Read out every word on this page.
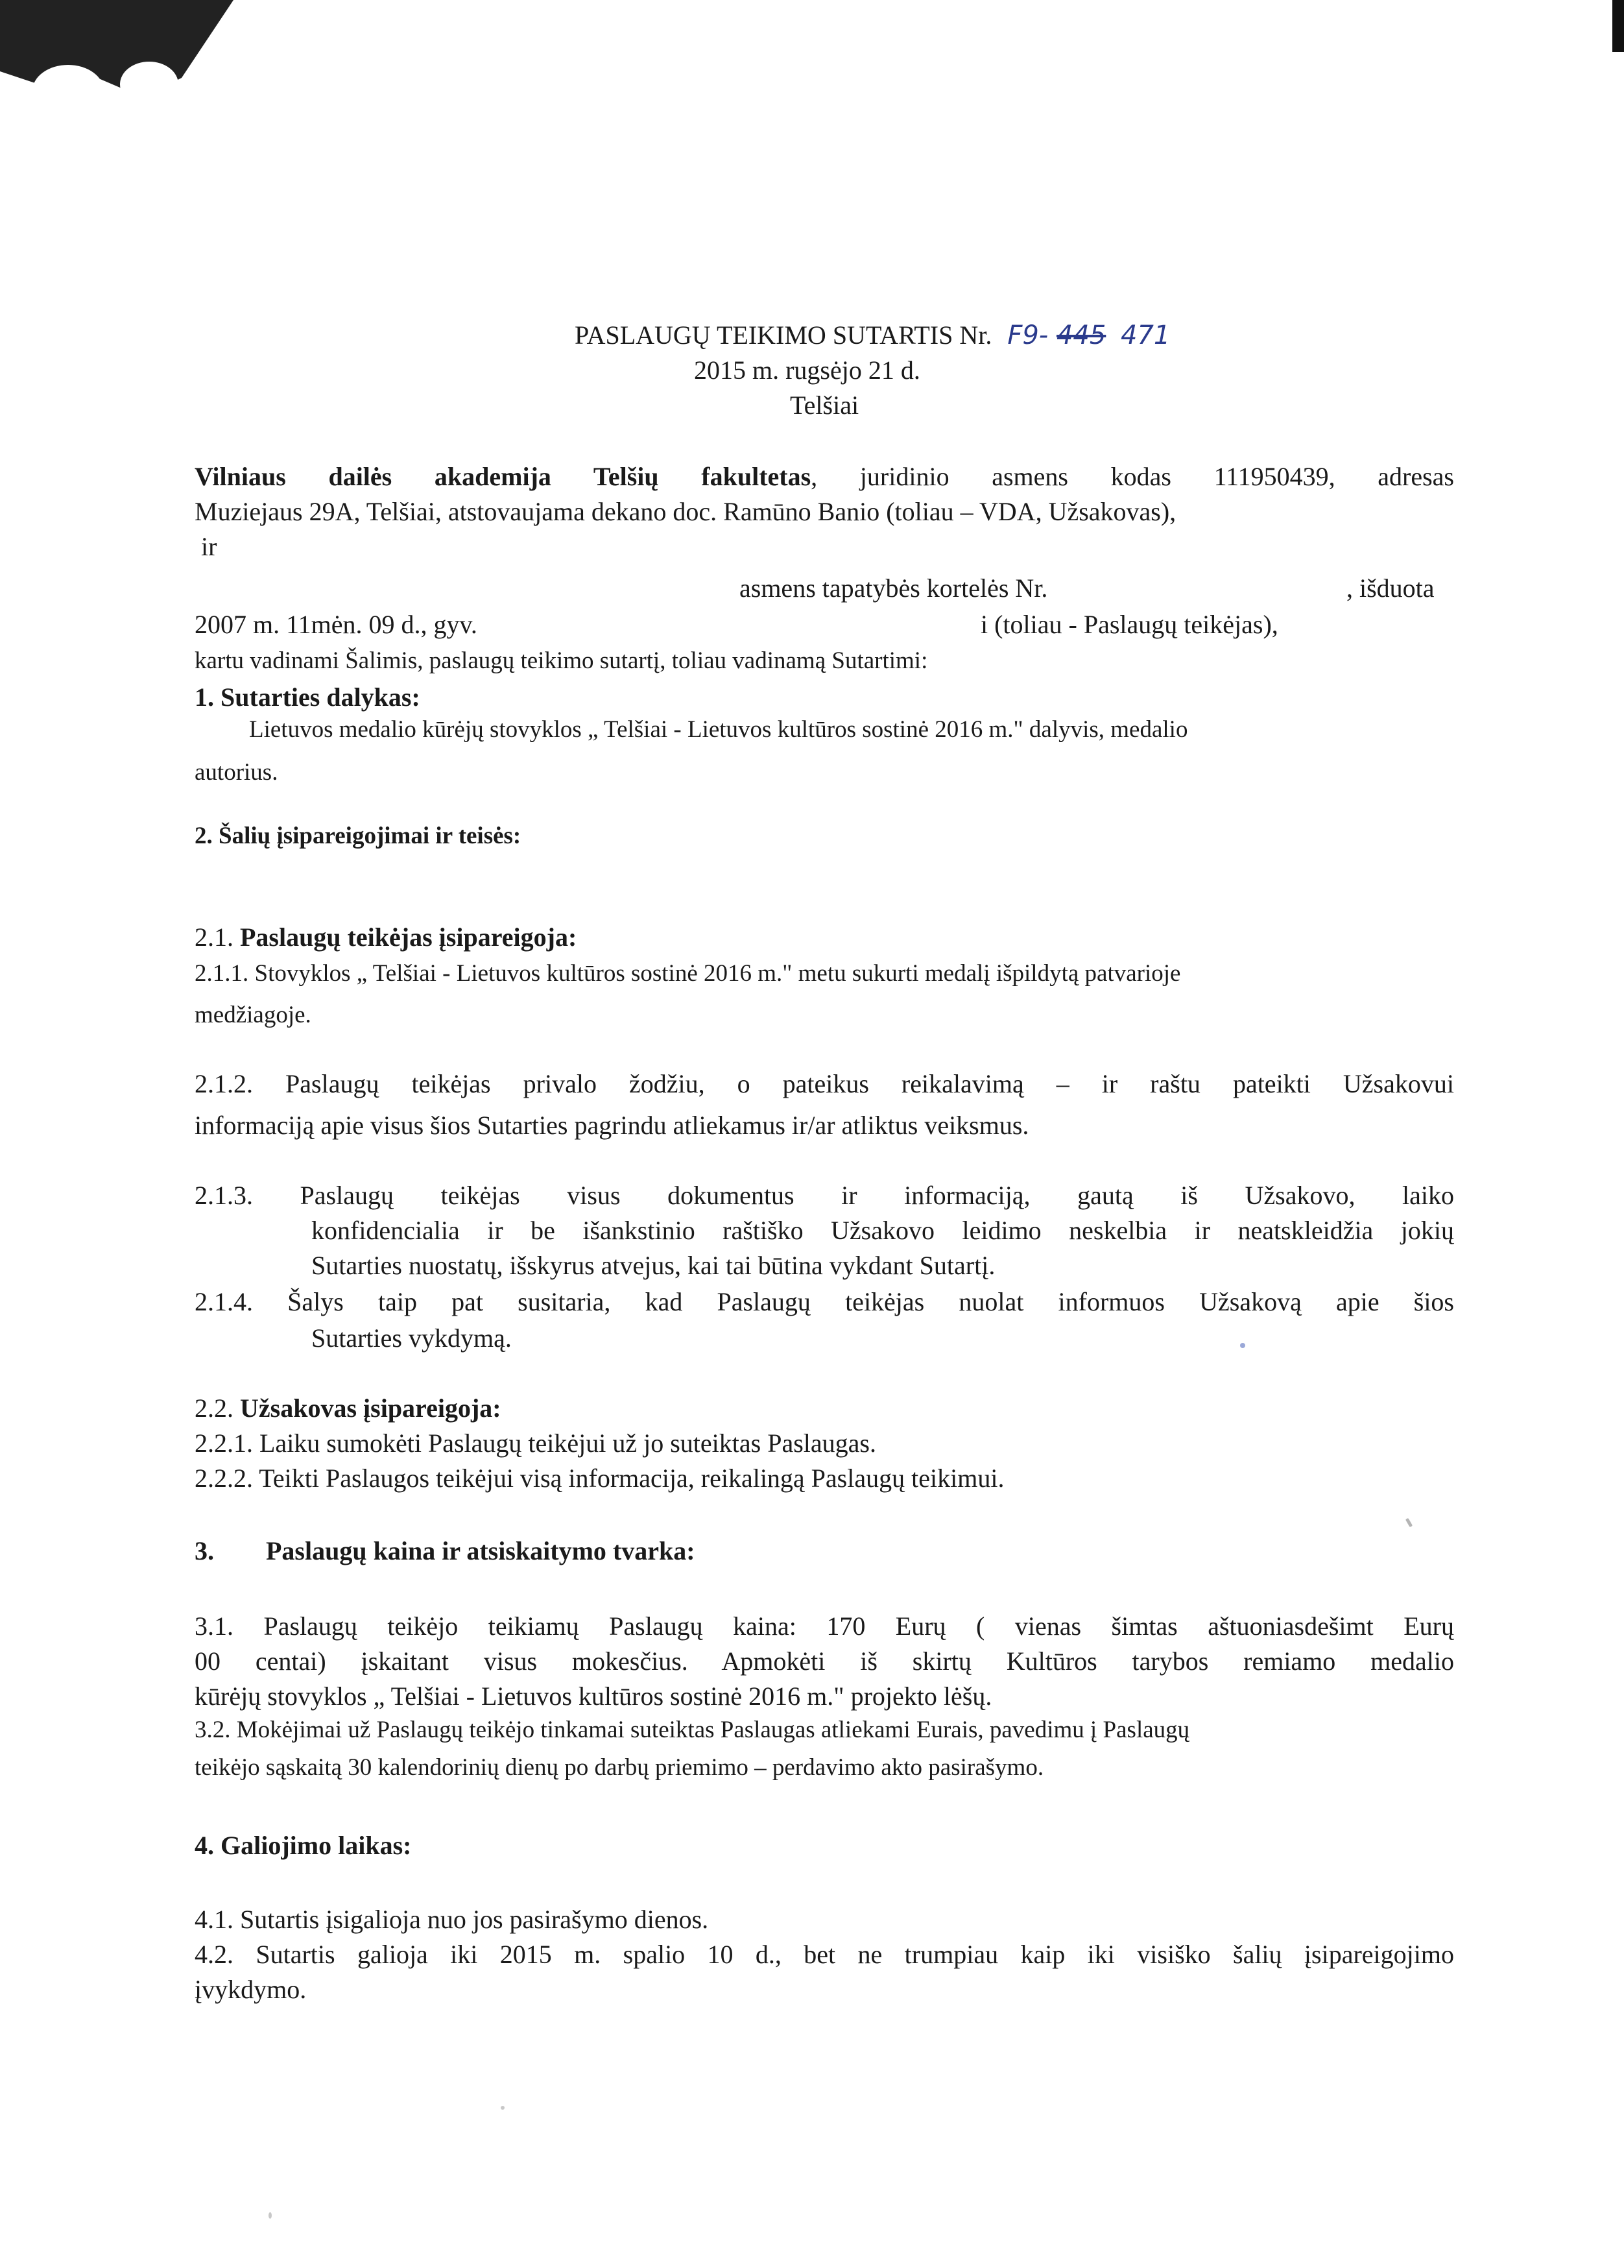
PASLAUGŲ TEIKIMO SUTARTIS Nr. F9- 445 471
2015 m. rugsėjo 21 d.
Telšiai
Vilniaus dailės akademija Telšių fakultetas, juridinio asmens kodas 111950439, adresas
Muziejaus 29A, Telšiai, atstovaujama dekano doc. Ramūno Banio (toliau – VDA, Užsakovas),
ir
asmens tapatybės kortelės Nr.	, išduota
2007 m. 11mėn. 09 d., gyv.	i (toliau - Paslaugų teikėjas),
kartu vadinami Šalimis, paslaugų teikimo sutartį, toliau vadinamą Sutartimi:
1. Sutarties dalykas:
Lietuvos medalio kūrėjų stovyklos „ Telšiai - Lietuvos kultūros sostinė 2016 m." dalyvis, medalio
autorius.
2. Šalių įsipareigojimai ir teisės:
2.1. Paslaugų teikėjas įsipareigoja:
2.1.1. Stovyklos „ Telšiai - Lietuvos kultūros sostinė 2016 m." metu sukurti medalį išpildytą patvarioje
medžiagoje.
2.1.2. Paslaugų teikėjas privalo žodžiu, o pateikus reikalavimą – ir raštu pateikti Užsakovui
informaciją apie visus šios Sutarties pagrindu atliekamus ir/ar atliktus veiksmus.
2.1.3. Paslaugų teikėjas visus dokumentus ir informaciją, gautą iš Užsakovo, laiko
konfidencialia ir be išankstinio raštiško Užsakovo leidimo neskelbia ir neatskleidžia jokių
Sutarties nuostatų, išskyrus atvejus, kai tai būtina vykdant Sutartį.
2.1.4. Šalys taip pat susitaria, kad Paslaugų teikėjas nuolat informuos Užsakovą apie šios
Sutarties vykdymą.
2.2. Užsakovas įsipareigoja:
2.2.1. Laiku sumokėti Paslaugų teikėjui už jo suteiktas Paslaugas.
2.2.2. Teikti Paslaugos teikėjui visą informacija, reikalingą Paslaugų teikimui.
3. Paslaugų kaina ir atsiskaitymo tvarka:
3.1. Paslaugų teikėjo teikiamų Paslaugų kaina: 170 Eurų ( vienas šimtas aštuoniasdešimt Eurų
00 centai) įskaitant visus mokesčius. Apmokėti iš skirtų Kultūros tarybos remiamo medalio
kūrėjų stovyklos „ Telšiai - Lietuvos kultūros sostinė 2016 m." projekto lėšų.
3.2. Mokėjimai už Paslaugų teikėjo tinkamai suteiktas Paslaugas atliekami Eurais, pavedimu į Paslaugų
teikėjo sąskaitą 30 kalendorinių dienų po darbų priemimo – perdavimo akto pasirašymo.
4. Galiojimo laikas:
4.1. Sutartis įsigalioja nuo jos pasirašymo dienos.
4.2. Sutartis galioja iki 2015 m. spalio 10 d., bet ne trumpiau kaip iki visiško šalių įsipareigojimo
įvykdymo.
